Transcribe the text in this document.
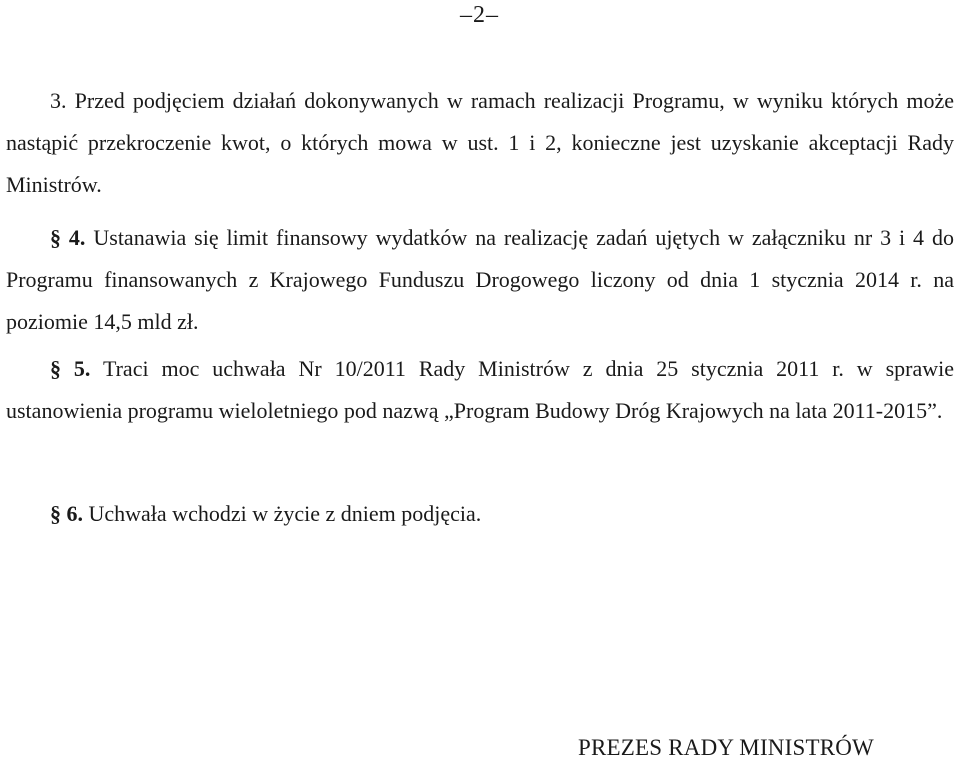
–2–

3. Przed podjęciem działań dokonywanych w ramach realizacji Programu, w wyniku których może nastąpić przekroczenie kwot, o których mowa w ust. 1 i 2, konieczne jest uzyskanie akceptacji Rady Ministrów.

§ 4. Ustanawia się limit finansowy wydatków na realizację zadań ujętych w załączniku nr 3 i 4 do Programu finansowanych z Krajowego Funduszu Drogowego liczony od dnia 1 stycznia 2014 r. na poziomie 14,5 mld zł.

§ 5. Traci moc uchwała Nr 10/2011 Rady Ministrów z dnia 25 stycznia 2011 r. w sprawie ustanowienia programu wieloletniego pod nazwą „Program Budowy Dróg Krajowych na lata 2011-2015”.

§ 6. Uchwała wchodzi w życie z dniem podjęcia.

PREZES RADY MINISTRÓW
